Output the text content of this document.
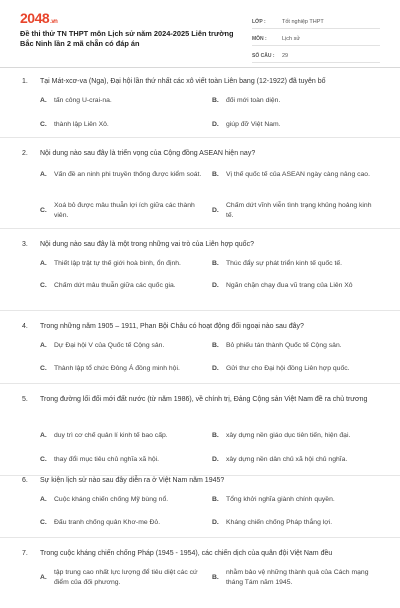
2048.vn
Đề thi thử TN THPT môn Lịch sử năm 2024-2025 Liên trường Bắc Ninh lần 2 mã chẵn có đáp án
LỚP :	Tốt nghiệp THPT
MÔN :	Lịch sử
SỐ CÂU :	29
1.	Tại Mát-xcơ-va (Nga), Đại hội lần thứ nhất các xô viết toàn Liên bang (12-1922) đã tuyên bố
A.	tấn công U-crai-na.	B.	đối mới toàn diện.
C.	thành lập Liên Xô.	D.	giúp đỡ Việt Nam.
2.	Nội dung nào sau đây là triển vọng của Cộng đồng ASEAN hiện nay?
A.	Vấn đề an ninh phi truyền thống được kiểm soát.	B.	Vị thế quốc tế của ASEAN ngày càng nâng cao.
C.
Xoá bỏ được mâu thuẫn lợi ích giữa các thành viên.
D.
Chấm dứt vĩnh viễn tình trạng khủng hoảng kinh tế.
3.	Nội dung nào sau đây là một trong những vai trò của Liên hợp quốc?
A.	Thiết lập trật tự thế giới hoà bình, ổn định.	B.	Thúc đẩy sự phát triển kinh tế quốc tế.
C.	Chấm dứt mâu thuẫn giữa các quốc gia.	D.	Ngăn chặn chạy đua vũ trang của Liên Xô
4.	Trong những năm 1905 – 1911, Phan Bội Châu có hoạt động đối ngoại nào sau đây?
A.	Dự Đại hội V của Quốc tế Cộng sản.	B.	Bỏ phiếu tán thành Quốc tế Cộng sản.
C.	Thành lập tổ chức Đông Á đồng minh hội.	D.	Gửi thư cho Đại hội đồng Liên hợp quốc.
5.	Trong đường lối đối mới đất nước (từ năm 1986), về chính trị, Đảng Cộng sản Việt Nam đề ra chủ trương
A.	duy trì cơ chế quản lí kinh tế bao cấp.	B.	xây dựng nền giáo dục tiên tiến, hiện đại.
C.	thay đổi mục tiêu chủ nghĩa xã hội.	D.	xây dựng nền dân chủ xã hội chủ nghĩa.
6.	Sự kiện lịch sử nào sau đây diễn ra ở Việt Nam năm 1945?
A.	Cuộc kháng chiến chống Mỹ bùng nổ.	B.	Tổng khởi nghĩa giành chính quyền.
C.	Đấu tranh chống quân Khơ-me Đỏ.	D.	Kháng chiến chống Pháp thắng lợi.
7.	Trong cuộc kháng chiến chống Pháp (1945 - 1954), các chiến dịch của quân đội Việt Nam đều
A.
tập trung cao nhất lực lượng để tiêu diệt các cứ điểm của đối phương.
B.
nhằm bảo vệ những thành quả của Cách mạng tháng Tám năm 1945.
